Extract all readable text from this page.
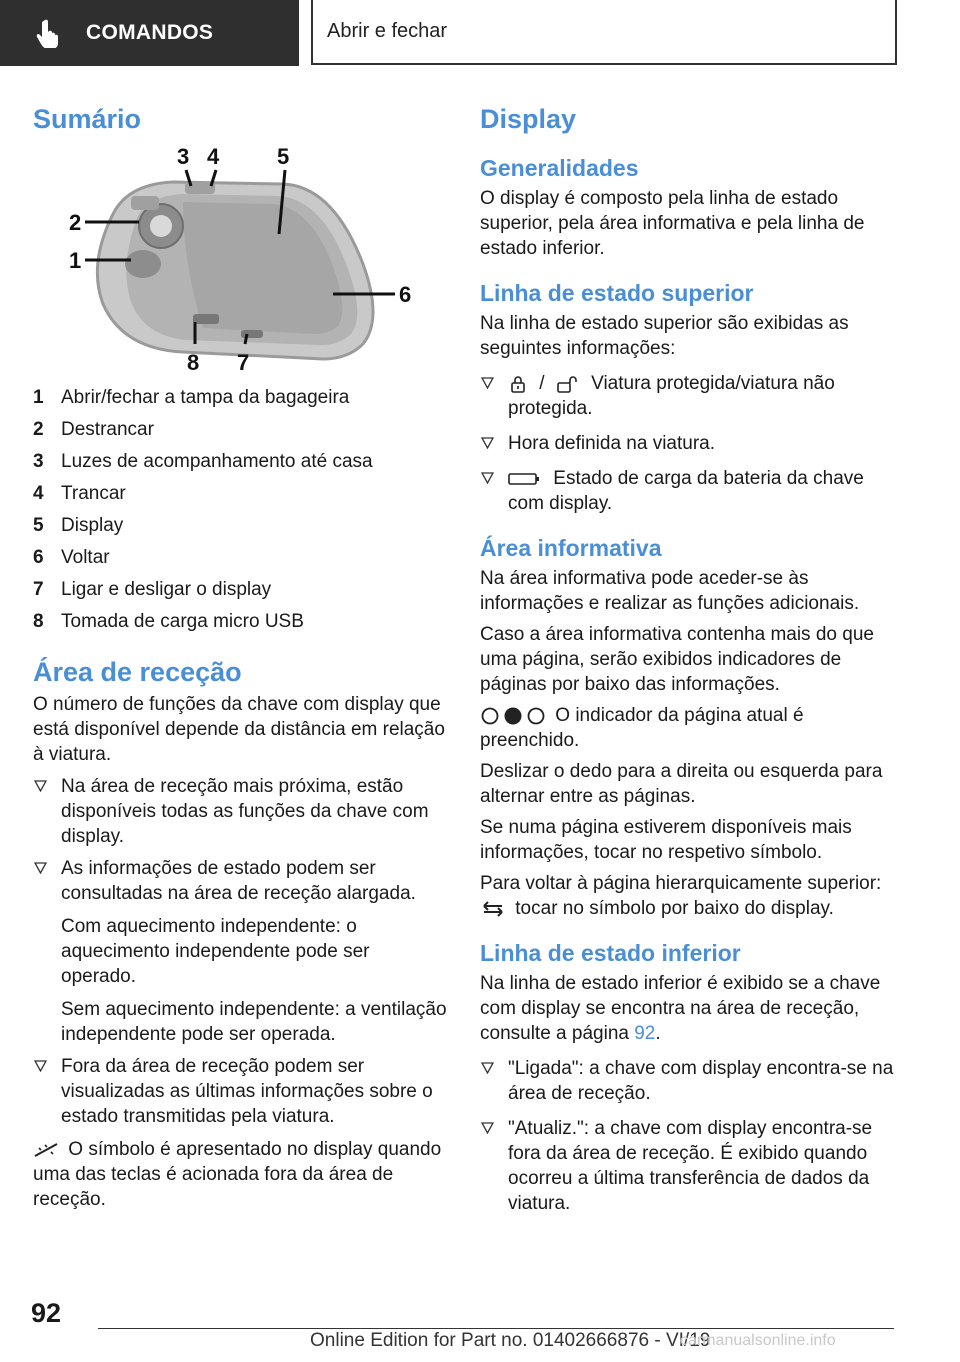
COMANDOS	Abrir e fechar
Sumário
3 4	5
2
1
6
8 7
1 Abrir/fechar a tampa da bagageira
2 Destrancar
3 Luzes de acompanhamento até casa
4 Trancar
5 Display
6 Voltar
7 Ligar e desligar o display
8 Tomada de carga micro USB
Área de receção

O número de funções da chave com display que está disponível depende da distância em relação à viatura.

Na área de receção mais próxima, estão disponíveis todas as funções da chave com display.
As informações de estado podem ser consultadas na área de receção alargada.

Com aquecimento independente: o aquecimento independente pode ser operado.

Sem aquecimento independente: a ventilação independente pode ser operada.

Fora da área de receção podem ser visualizadas as últimas informações sobre o estado transmitidas pela viatura.

O símbolo é apresentado no display quando uma das teclas é acionada fora da área de receção.

Display
Generalidades

O display é composto pela linha de estado superior, pela área informativa e pela linha de estado inferior.

Linha de estado superior

Na linha de estado superior são exibidas as seguintes informações:

/ Viatura protegida/viatura não protegida.
Hora definida na viatura.
Estado de carga da bateria da chave com display.
Área informativa

Na área informativa pode aceder-se às informações e realizar as funções adicionais.

Caso a área informativa contenha mais do que uma página, serão exibidos indicadores de páginas por baixo das informações.

O indicador da página atual é preenchido.

Deslizar o dedo para a direita ou esquerda para alternar entre as páginas.

Se numa página estiverem disponíveis mais informações, tocar no respetivo símbolo.

Para voltar à página hierarquicamente superior:

tocar no símbolo por baixo do display.

Linha de estado inferior

Na linha de estado inferior é exibido se a chave com display se encontra na área de receção, consulte a página 92.

"Ligada": a chave com display encontra-se na área de receção.
"Atualiz.": a chave com display encontra-se fora da área de receção. É exibido quando ocorreu a última transferência de dados da viatura.
92
Online Edition for Part no. 01402666876 - VI/19
carmanualsonline.info
